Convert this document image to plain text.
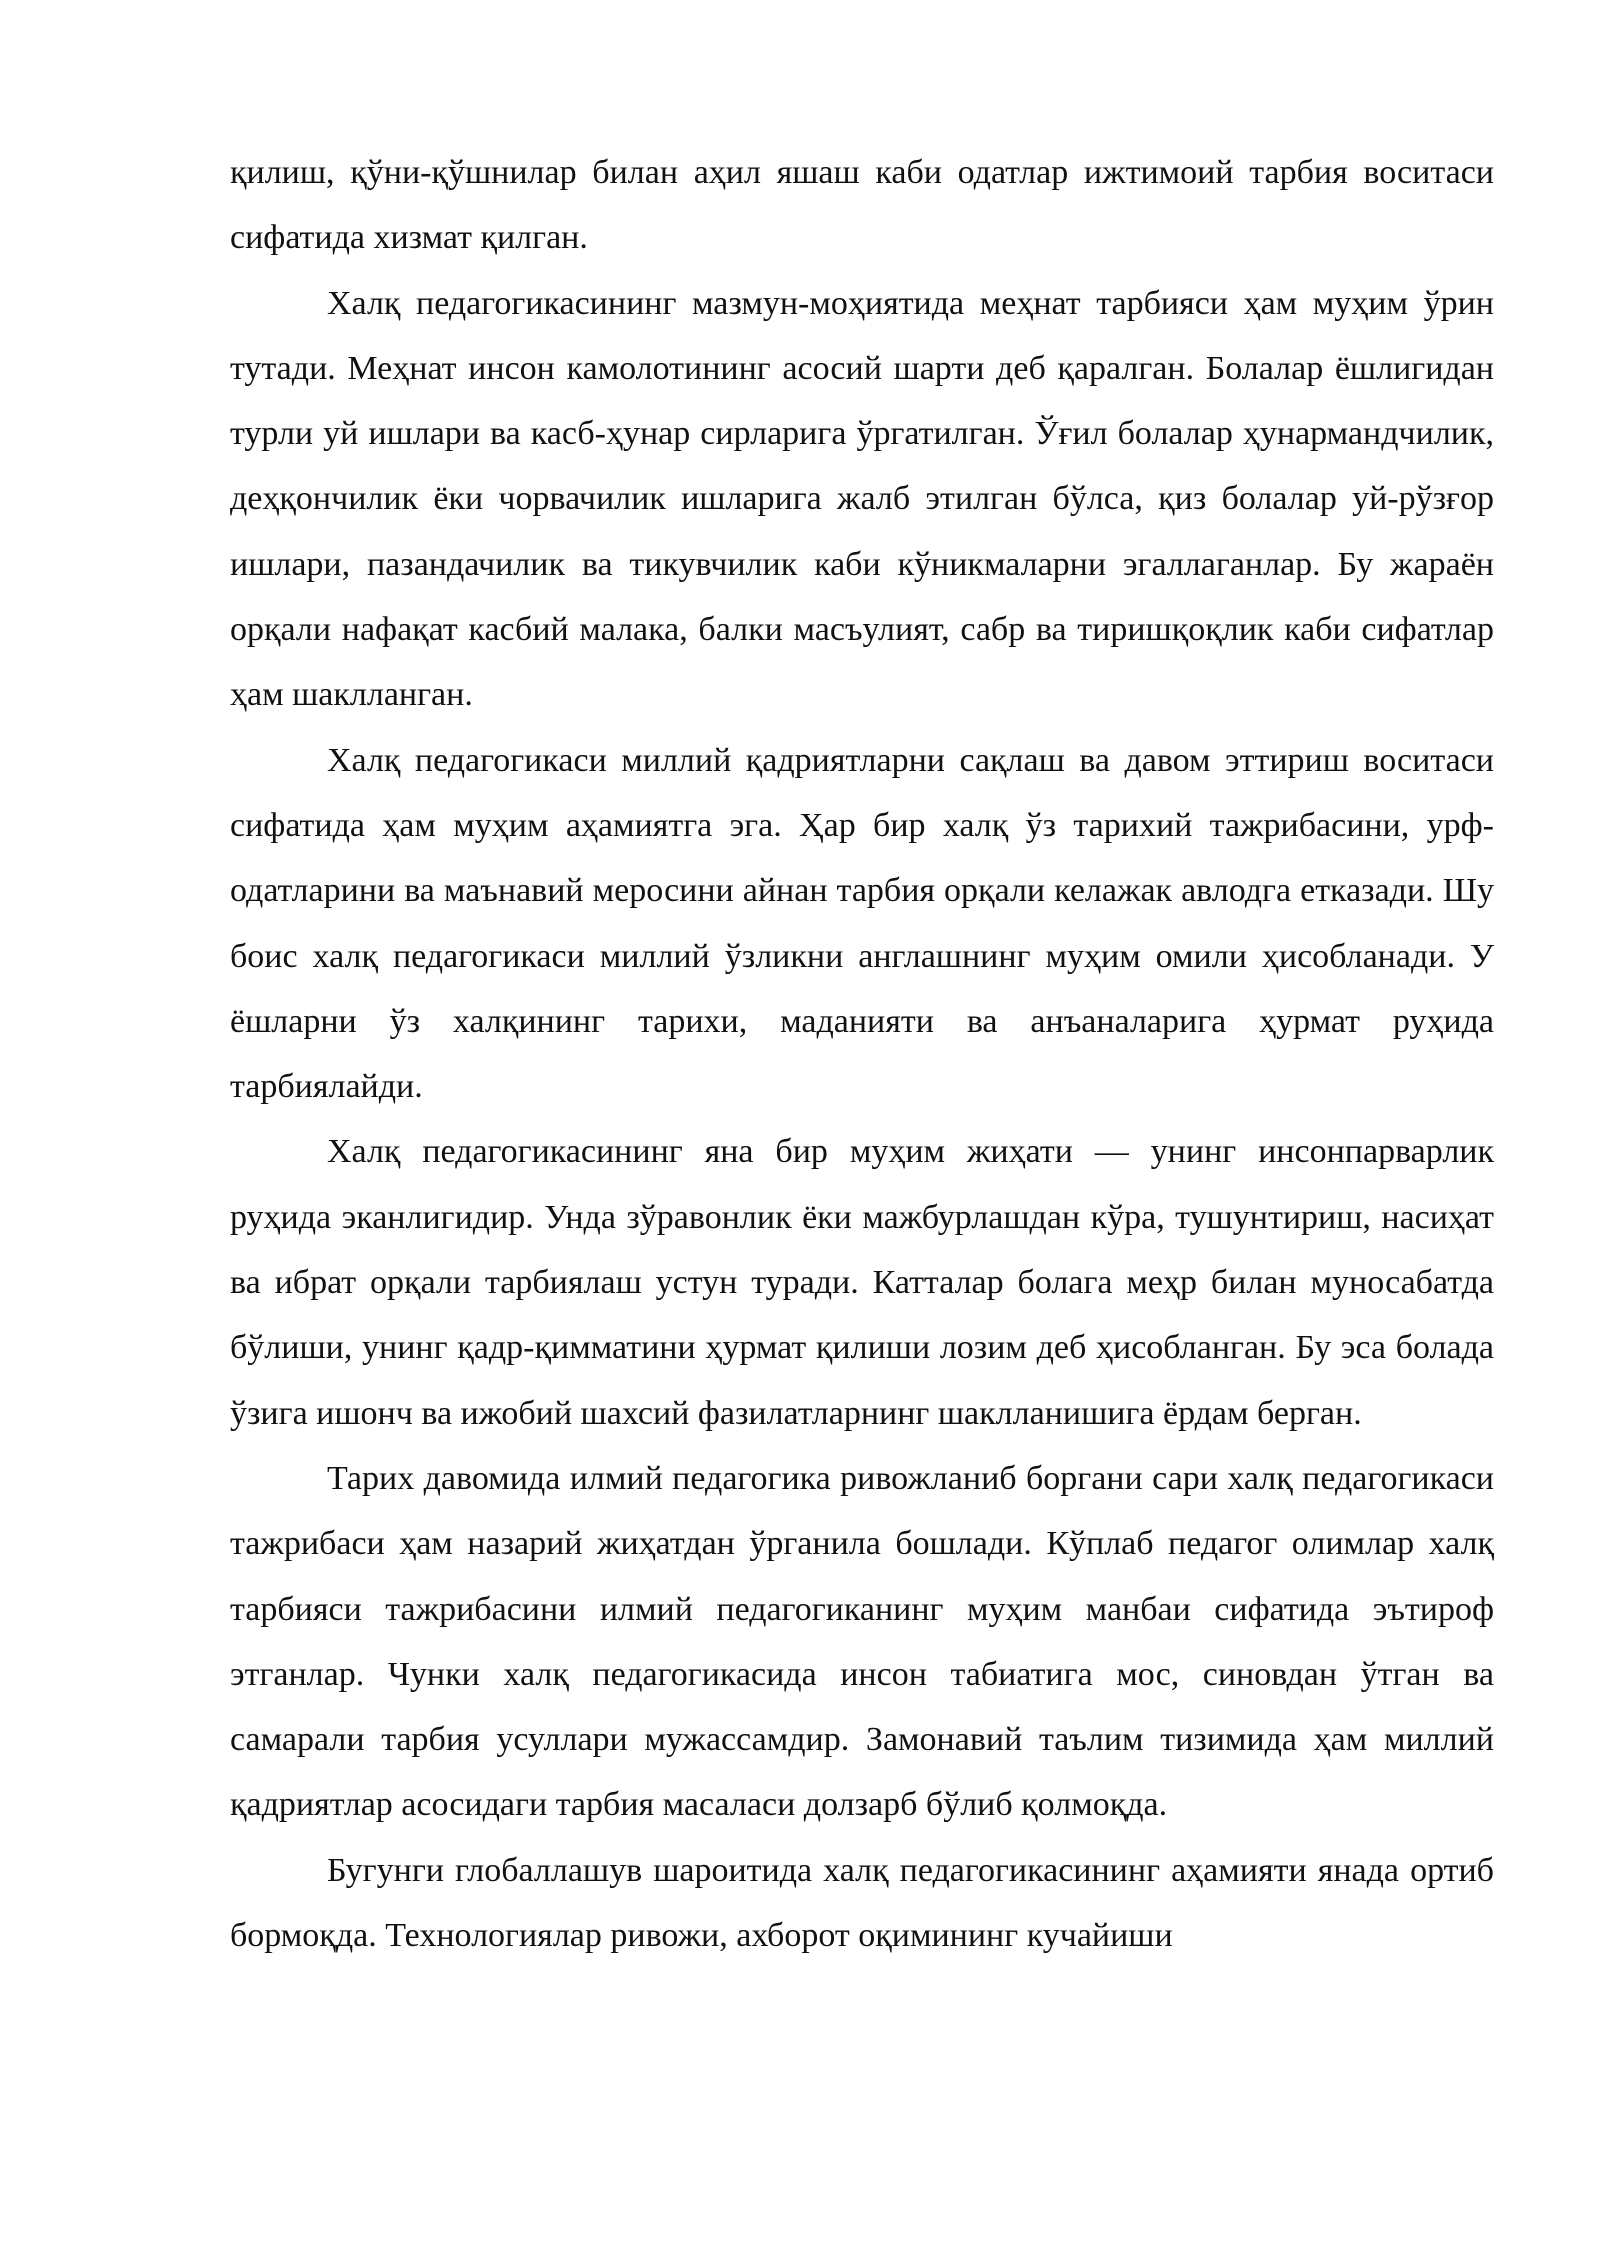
қилиш, қўни-қўшнилар билан аҳил яшаш каби одатлар ижтимоий тарбия воситаси сифатида хизмат қилган.

Халқ педагогикасининг мазмун-моҳиятида меҳнат тарбияси ҳам муҳим ўрин тутади. Меҳнат инсон камолотининг асосий шарти деб қаралган. Болалар ёшлигидан турли уй ишлари ва касб-ҳунар сирларига ўргатилган. Ўғил болалар ҳунармандчилик, деҳқончилик ёки чорвачилик ишларига жалб этилган бўлса, қиз болалар уй-рўзғор ишлари, пазандачилик ва тикувчилик каби кўникмаларни эгаллаганлар. Бу жараён орқали нафақат касбий малака, балки масъулият, сабр ва тиришқоқлик каби сифатлар ҳам шаклланган.

Халқ педагогикаси миллий қадриятларни сақлаш ва давом эттириш воситаси сифатида ҳам муҳим аҳамиятга эга. Ҳар бир халқ ўз тарихий тажрибасини, урф-одатларини ва маънавий меросини айнан тарбия орқали келажак авлодга етказади. Шу боис халқ педагогикаси миллий ўзликни англашнинг муҳим омили ҳисобланади. У ёшларни ўз халқининг тарихи, маданияти ва анъаналарига ҳурмат руҳида тарбиялайди.

Халқ педагогикасининг яна бир муҳим жиҳати — унинг инсонпарварлик руҳида эканлигидир. Унда зўравонлик ёки мажбурлашдан кўра, тушунтириш, насиҳат ва ибрат орқали тарбиялаш устун туради. Катталар болага меҳр билан муносабатда бўлиши, унинг қадр-қимматини ҳурмат қилиши лозим деб ҳисобланган. Бу эса болада ўзига ишонч ва ижобий шахсий фазилатларнинг шаклланишига ёрдам берган.

Тарих давомида илмий педагогика ривожланиб боргани сари халқ педагогикаси тажрибаси ҳам назарий жиҳатдан ўрганила бошлади. Кўплаб педагог олимлар халқ тарбияси тажрибасини илмий педагогиканинг муҳим манбаи сифатида эътироф этганлар. Чунки халқ педагогикасида инсон табиатига мос, синовдан ўтган ва самарали тарбия усуллари мужассамдир. Замонавий таълим тизимида ҳам миллий қадриятлар асосидаги тарбия масаласи долзарб бўлиб қолмоқда.

Бугунги глобаллашув шароитида халқ педагогикасининг аҳамияти янада ортиб бормоқда. Технологиялар ривожи, ахборот оқимининг кучайиши
